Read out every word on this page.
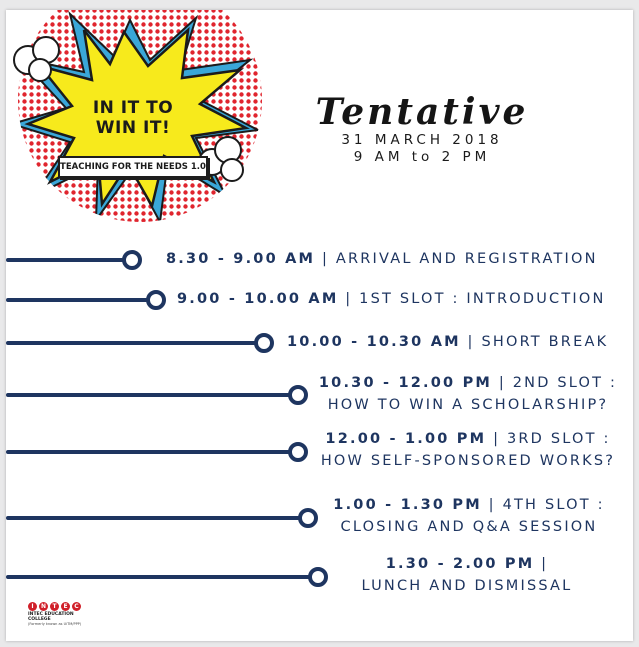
IN IT TO
WIN IT!
TEACHING FOR THE NEEDS 1.0
Tentative
31 MARCH 2018
9 AM to 2 PM
8.30 - 9.00 AM | ARRIVAL AND REGISTRATION
9.00 - 10.00 AM | 1ST SLOT : INTRODUCTION
10.00 - 10.30 AM | SHORT BREAK
10.30 - 12.00 PM | 2ND SLOT :
HOW TO WIN A SCHOLARSHIP?
12.00 - 1.00 PM | 3RD SLOT :
HOW SELF-SPONSORED WORKS?
1.00 - 1.30 PM | 4TH SLOT :
CLOSING AND Q&A SESSION
1.30 - 2.00 PM |
LUNCH AND DISMISSAL
I	N	T	E	C
INTEC EDUCATION COLLEGE
(Formerly known as UiTM/PPP)
